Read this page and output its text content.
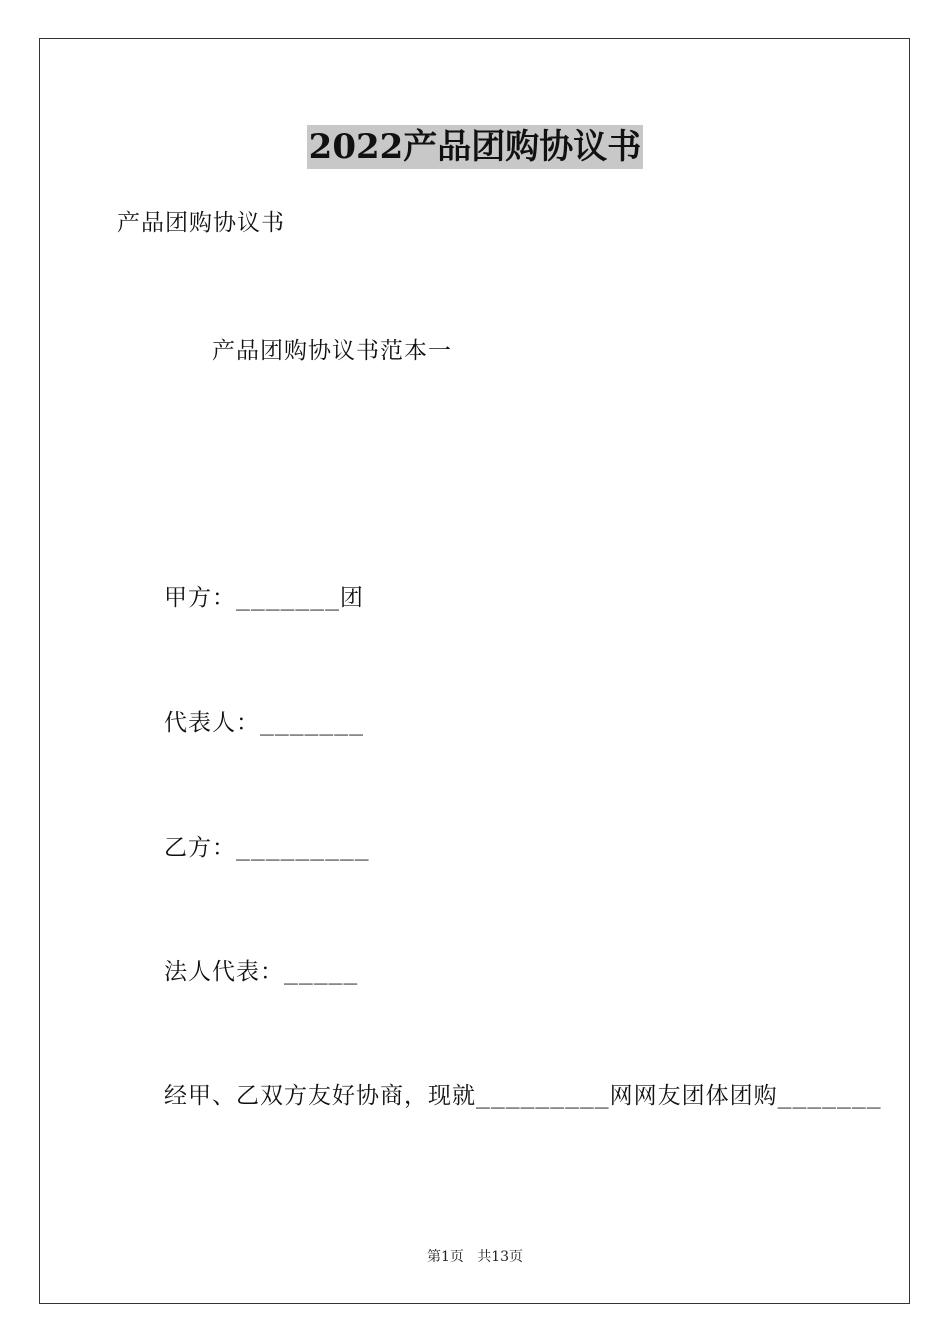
2022产品团购协议书
产品团购协议书
产品团购协议书范本一
甲方：_______团
代表人：_______
乙方：_________
法人代表：_____
经甲、乙双方友好协商，现就_________网网友团体团购_______
第1页   共13页
